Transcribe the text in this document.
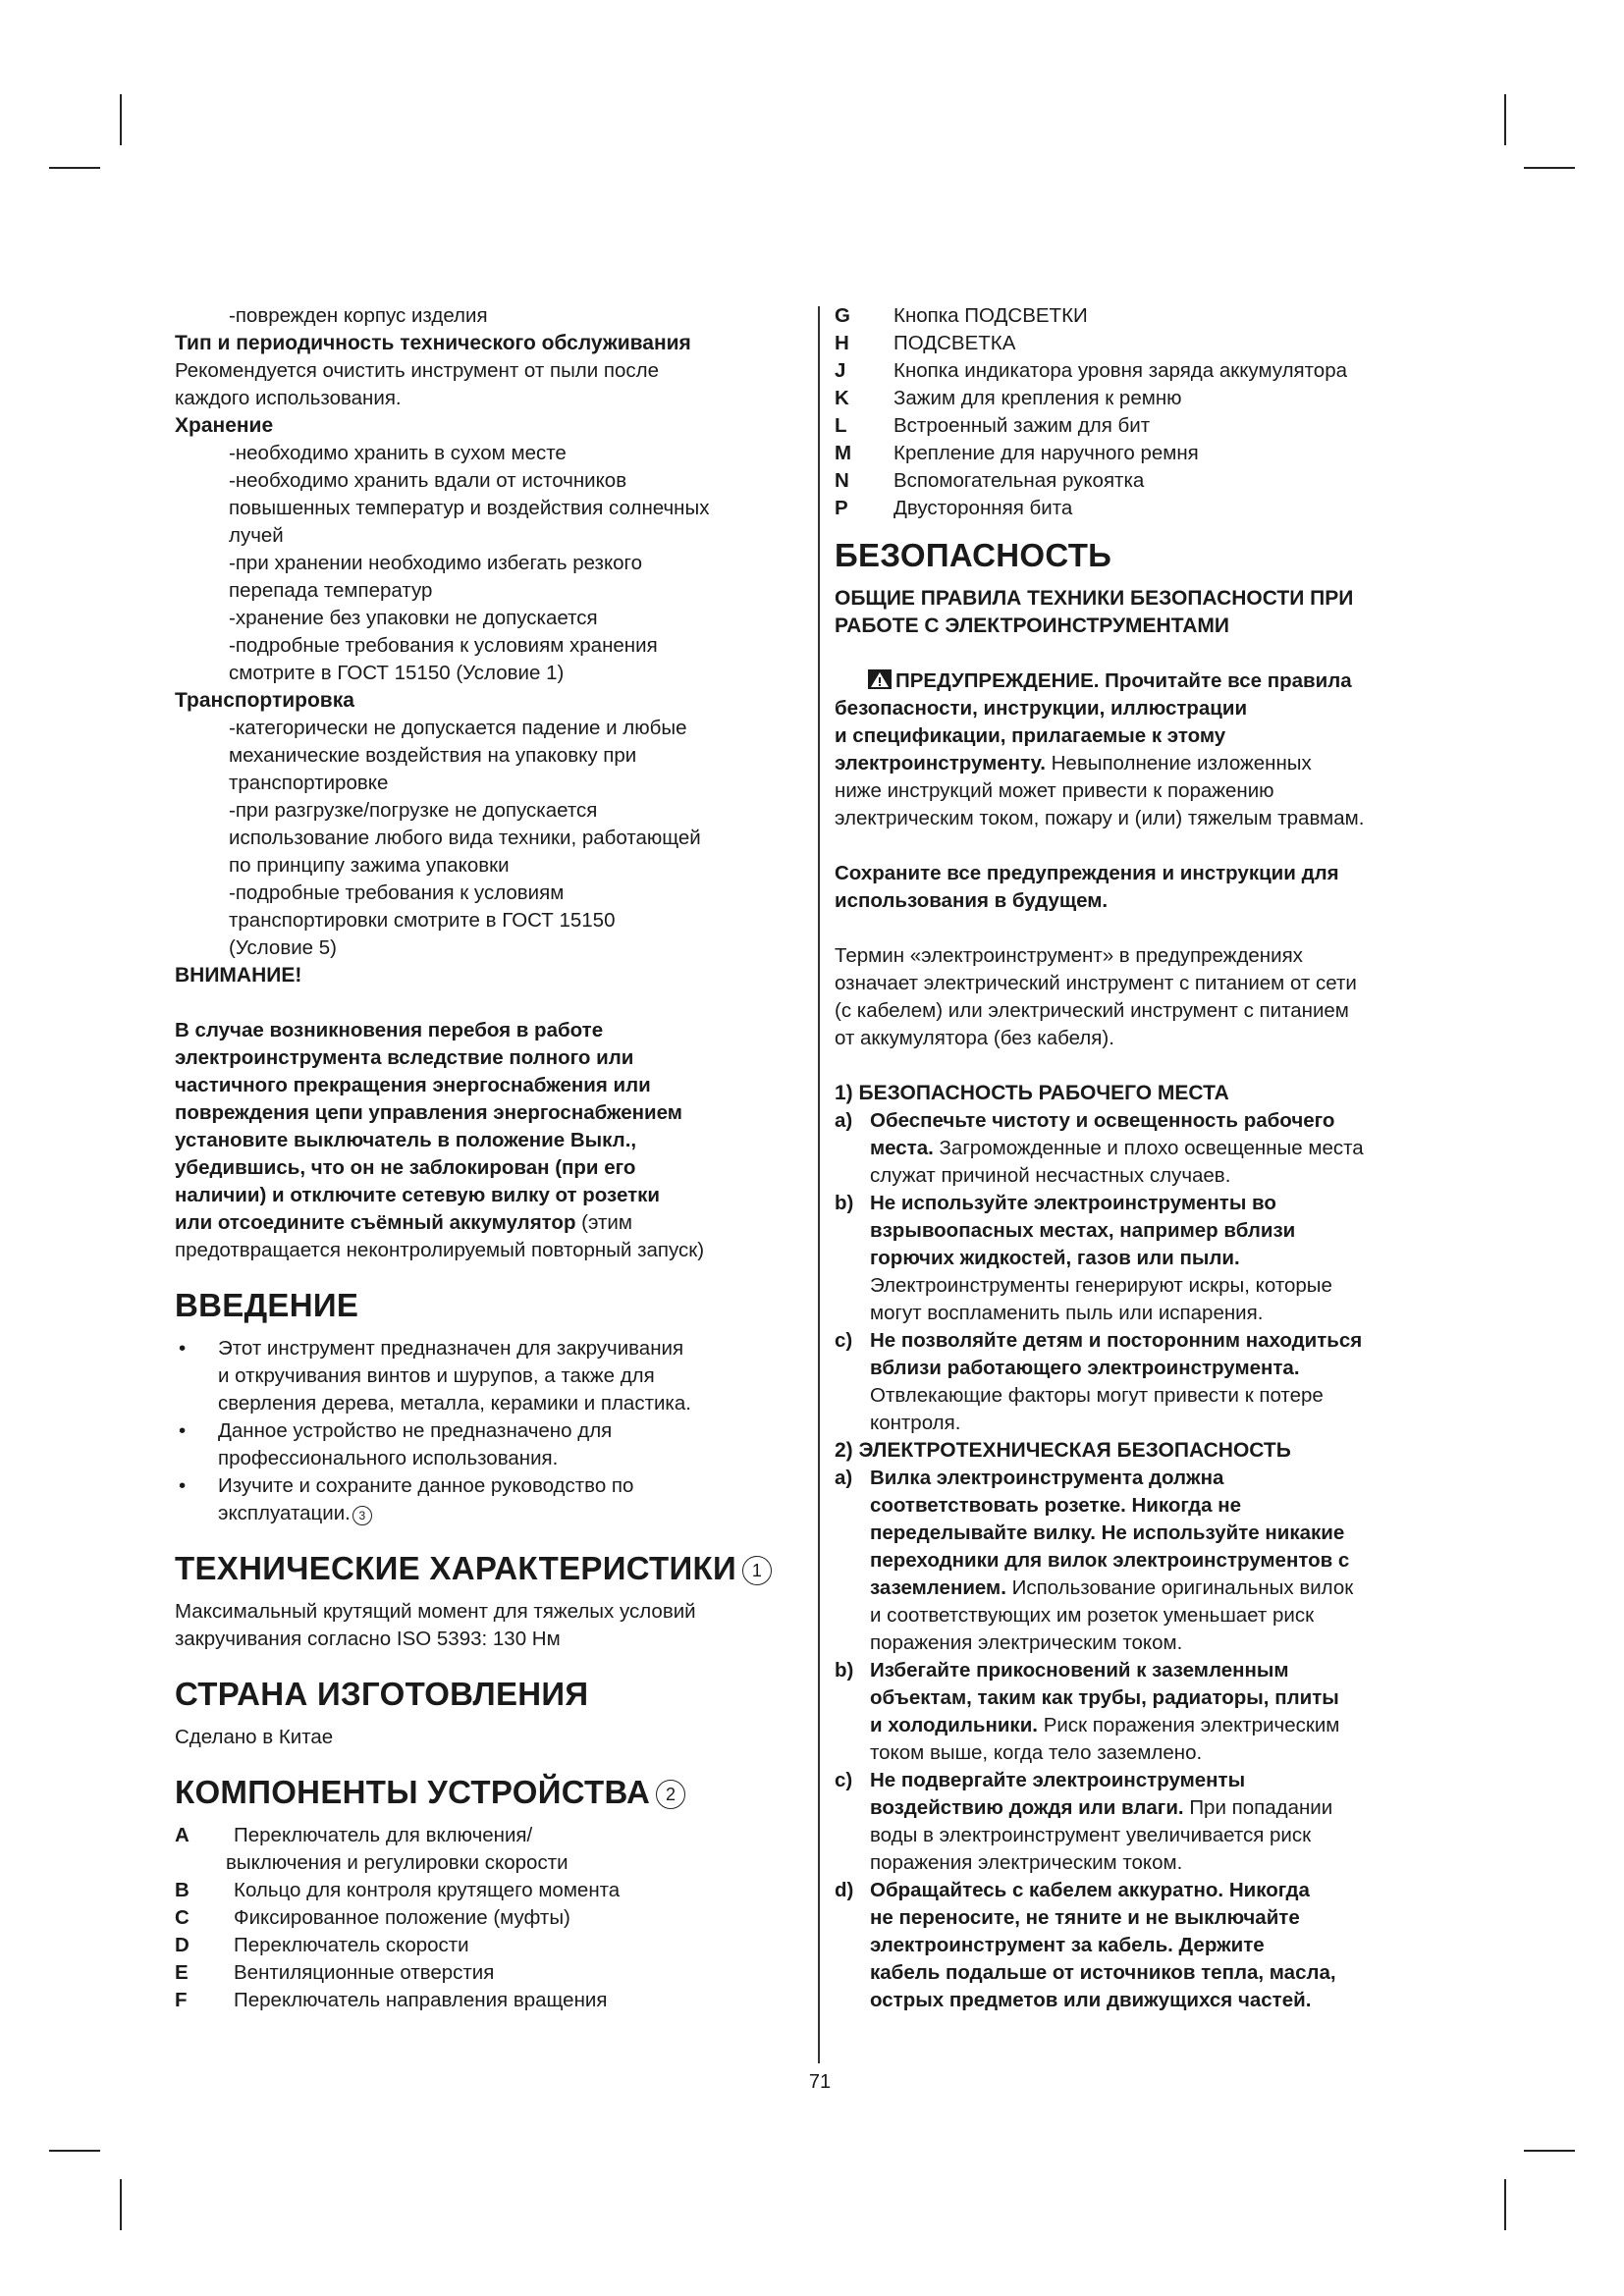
-поврежден корпус изделия

Тип и периодичность технического обслуживания

Рекомендуется очистить инструмент от пыли после

каждого использования.

Хранение

-необходимо хранить в сухом месте

-необходимо хранить вдали от источников

повышенных температур и воздействия солнечных

лучей

-при хранении необходимо избегать резкого

перепада температур

-хранение без упаковки не допускается

-подробные требования к условиям хранения

смотрите в ГОСТ 15150 (Условие 1)

Транспортировка

-категорически не допускается падение и любые

механические воздействия на упаковку при

транспортировке

-при разгрузке/погрузке не допускается

использование любого вида техники, работающей

по принципу зажима упаковки

-подробные требования к условиям

транспортировки смотрите в ГОСТ 15150

(Условие 5)

ВНИМАНИЕ!

В случае возникновения перебоя в работе

электроинструмента вследствие полного или

частичного прекращения энергоснабжения или

повреждения цепи управления энергоснабжением

установите выключатель в положение Выкл.,

убедившись, что он не заблокирован (при его

наличии) и отключите сетевую вилку от розетки

или отсоедините съёмный аккумулятор (этим

предотвращается неконтролируемый повторный запуск)

ВВЕДЕНИЕ
•	Этот инструмент предназначен для закручивания
и откручивания винтов и шурупов, а также для
сверления дерева, металла, керамики и пластика.
•	Данное устройство не предназначено для
профессионального использования.
•	Изучите и сохраните данное руководство по
эксплуатации. 3
ТЕХНИЧЕСКИЕ ХАРАКТЕРИСТИКИ 1

Максимальный крутящий момент для тяжелых условий

закручивания согласно ISO 5393: 130 Нм

СТРАНА ИЗГОТОВЛЕНИЯ

Сделано в Китае

КОМПОНЕНТЫ УСТРОЙСТВА 2
A	Переключатель для включения/
выключения и регулировки скорости
B	Кольцо для контроля крутящего момента
C	Фиксированное положение (муфты)
D	Переключатель скорости
E	Вентиляционные отверстия
F	Переключатель направления вращения
G	Кнопка ПОДСВЕТКИ
H	ПОДСВЕТКА
J	Кнопка индикатора уровня заряда аккумулятора
K	Зажим для крепления к ремню
L	Встроенный зажим для бит
M	Крепление для наручного ремня
N	Вспомогательная рукоятка
P	Двусторонняя бита
БЕЗОПАСНОСТЬ
ОБЩИЕ ПРАВИЛА ТЕХНИКИ БЕЗОПАСНОСТИ ПРИ
РАБОТЕ С ЭЛЕКТРОИНСТРУМЕНТАМИ

ПРЕДУПРЕЖДЕНИЕ. Прочитайте все правила

безопасности, инструкции, иллюстрации

и спецификации, прилагаемые к этому

электроинструменту. Невыполнение изложенных

ниже инструкций может привести к поражению

электрическим током, пожару и (или) тяжелым травмам.

Сохраните все предупреждения и инструкции для

использования в будущем.

Термин «электроинструмент» в предупреждениях

означает электрический инструмент с питанием от сети

(с кабелем) или электрический инструмент с питанием

от аккумулятора (без кабеля).

1) БЕЗОПАСНОСТЬ РАБОЧЕГО МЕСТА
a) Обеспечьте чистоту и освещенность рабочего
места. Загроможденные и плохо освещенные места
служат причиной несчастных случаев.
b) Не используйте электроинструменты во
взрывоопасных местах, например вблизи
горючих жидкостей, газов или пыли.
Электроинструменты генерируют искры, которые
могут воспламенить пыль или испарения.
c) Не позволяйте детям и посторонним находиться
вблизи работающего электроинструмента.
Отвлекающие факторы могут привести к потере
контроля.
2) ЭЛЕКТРОТЕХНИЧЕСКАЯ БЕЗОПАСНОСТЬ
a) Вилка электроинструмента должна
соответствовать розетке. Никогда не
переделывайте вилку. Не используйте никакие
переходники для вилок электроинструментов с
заземлением. Использование оригинальных вилок
и соответствующих им розеток уменьшает риск
поражения электрическим током.
b) Избегайте прикосновений к заземленным
объектам, таким как трубы, радиаторы, плиты
и холодильники. Риск поражения электрическим
током выше, когда тело заземлено.
c) Не подвергайте электроинструменты
воздействию дождя или влаги. При попадании
воды в электроинструмент увеличивается риск
поражения электрическим током.
d) Обращайтесь с кабелем аккуратно. Никогда
не переносите, не тяните и не выключайте
электроинструмент за кабель. Держите
кабель подальше от источников тепла, масла,
острых предметов или движущихся частей.
71
